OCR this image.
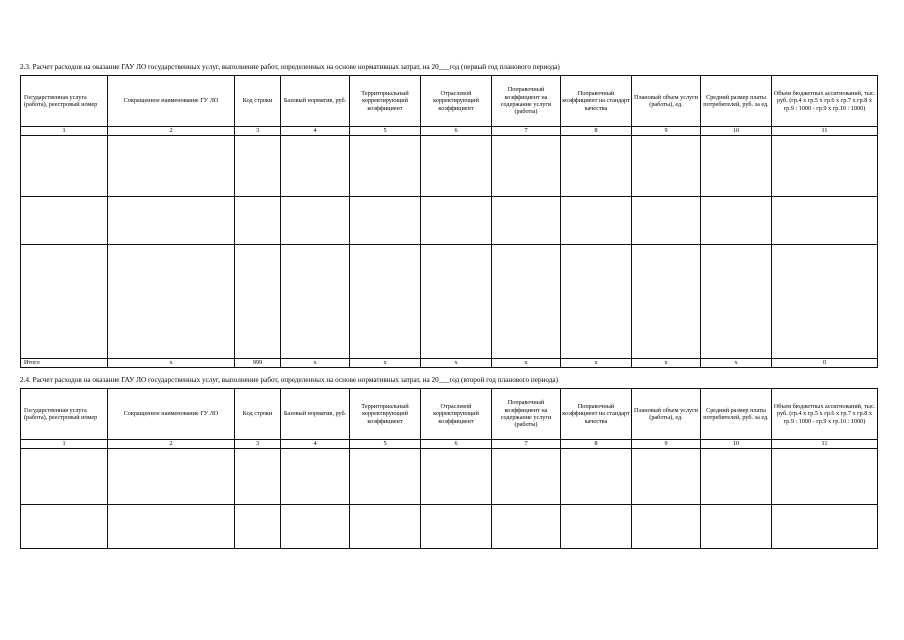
2.3. Расчет расходов на оказание ГАУ ЛО государственных услуг, выполнение работ, определенных на основе нормативных затрат, на 20___год (первый год планового периода)
Государственная услуга (работа), реестровый номер	Сокращенное наименование ГУ ЛО	Код строки	Базовый норматив, руб.	Территориальный корректирующий коэффициент	Отраслевой корректирующий коэффициент	Поправочный коэффициент на содержание услуги (работы)	Поправочный коэффициент на стандарт качества	Плановый объем услуги (работы), ед.	Средний размер платы потребителей, руб. за ед.	Объем бюджетных ассигнований, тыс. руб. (гр.4 х гр.5 х гр.6 х гр.7 х гр.8 х гр.9 : 1000 - гр.9 х гр.10 : 1000)
1	2	3	4	5	6	7	8	9	10	11

Итого	x	999	x	x	x	x	x	x	x	0
2.4. Расчет расходов на оказание ГАУ ЛО государственных услуг, выполнение работ, определенных на основе нормативных затрат, на 20___год (второй год планового периода)
Государственная услуга (работа), реестровый номер	Сокращенное наименование ГУ ЛО	Код строки	Базовый норматив, руб.	Территориальный корректирующий коэффициент	Отраслевой корректирующий коэффициент	Поправочный коэффициент на содержание услуги (работы)	Поправочный коэффициент на стандарт качества	Плановый объем услуги (работы), ед.	Средний размер платы потребителей, руб. за ед.	Объем бюджетных ассигнований, тыс. руб. (гр.4 х гр.5 х гр.6 х гр.7 х гр.8 х гр.9 : 1000 - гр.9 х гр.10 : 1000)
1	2	3	4	5	6	7	8	9	10	11
